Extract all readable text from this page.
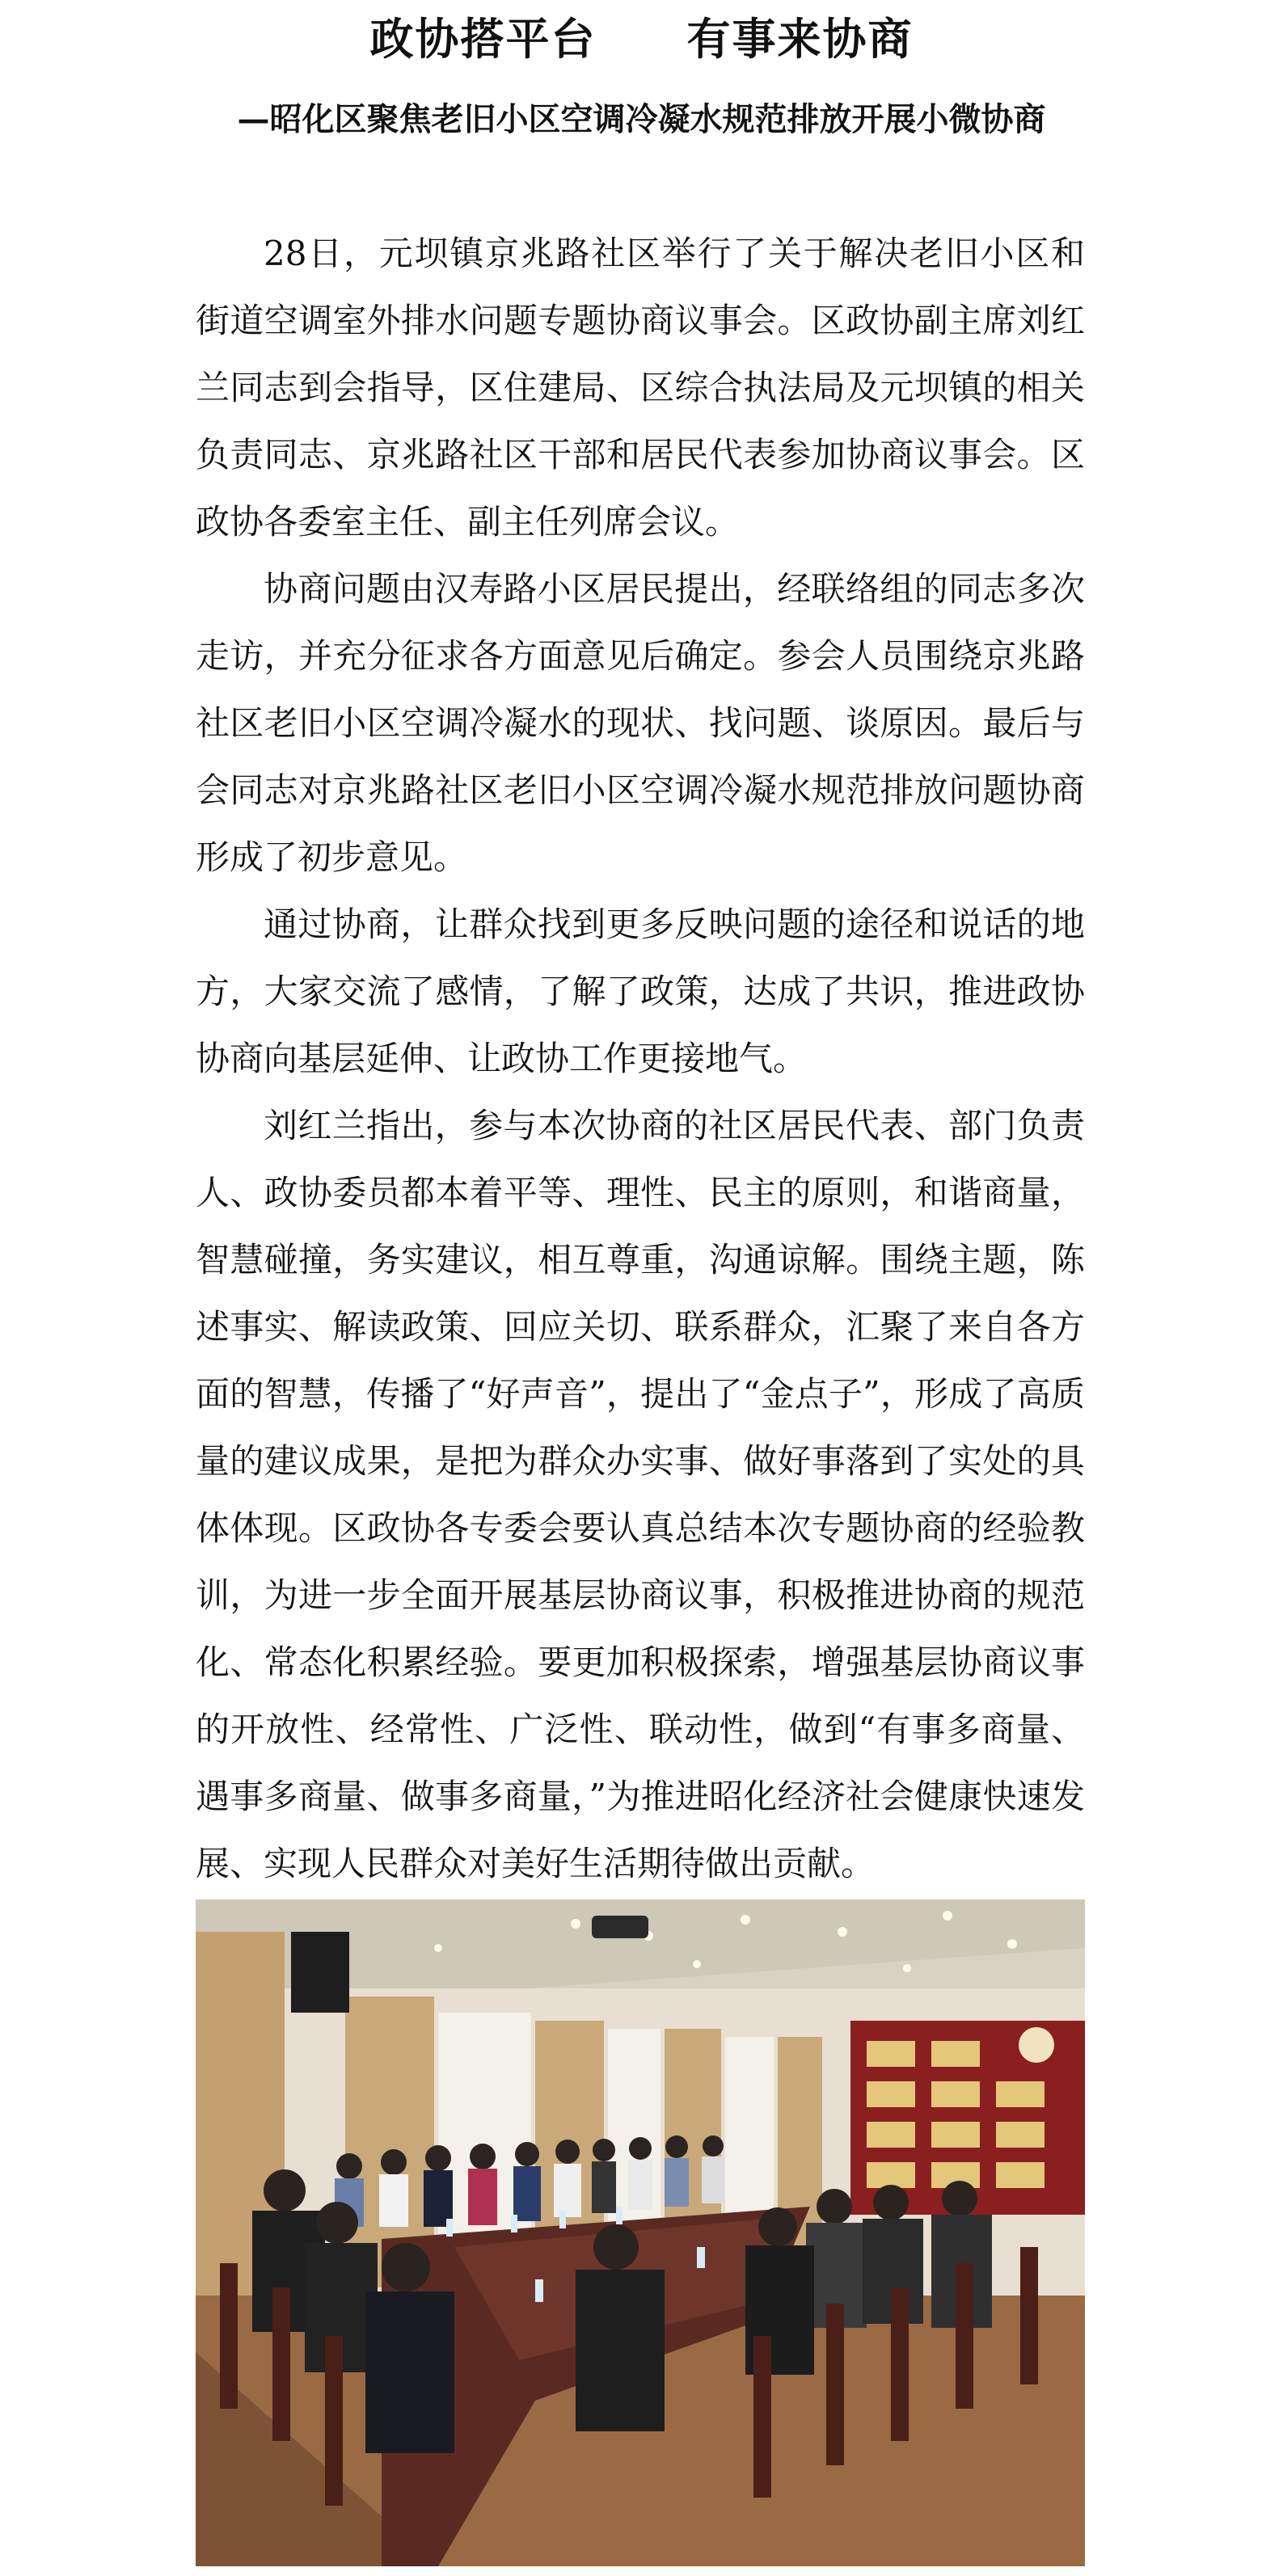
政协搭平台　　有事来协商
—昭化区聚焦老旧小区空调冷凝水规范排放开展小微协商

28日，元坝镇京兆路社区举行了关于解决老旧小区和街道空调室外排水问题专题协商议事会。区政协副主席刘红兰同志到会指导，区住建局、区综合执法局及元坝镇的相关负责同志、京兆路社区干部和居民代表参加协商议事会。区政协各委室主任、副主任列席会议。

协商问题由汉寿路小区居民提出，经联络组的同志多次走访，并充分征求各方面意见后确定。参会人员围绕京兆路社区老旧小区空调冷凝水的现状、找问题、谈原因。最后与会同志对京兆路社区老旧小区空调冷凝水规范排放问题协商形成了初步意见。

通过协商，让群众找到更多反映问题的途径和说话的地方，大家交流了感情，了解了政策，达成了共识，推进政协协商向基层延伸、让政协工作更接地气。

刘红兰指出，参与本次协商的社区居民代表、部门负责人、政协委员都本着平等、理性、民主的原则，和谐商量，智慧碰撞，务实建议，相互尊重，沟通谅解。围绕主题，陈述事实、解读政策、回应关切、联系群众，汇聚了来自各方面的智慧，传播了“好声音”，提出了“金点子”，形成了高质量的建议成果，是把为群众办实事、做好事落到了实处的具体体现。区政协各专委会要认真总结本次专题协商的经验教训，为进一步全面开展基层协商议事，积极推进协商的规范化、常态化积累经验。要更加积极探索，增强基层协商议事的开放性、经常性、广泛性、联动性，做到“有事多商量、遇事多商量、做事多商量，”为推进昭化经济社会健康快速发展、实现人民群众对美好生活期待做出贡献。
